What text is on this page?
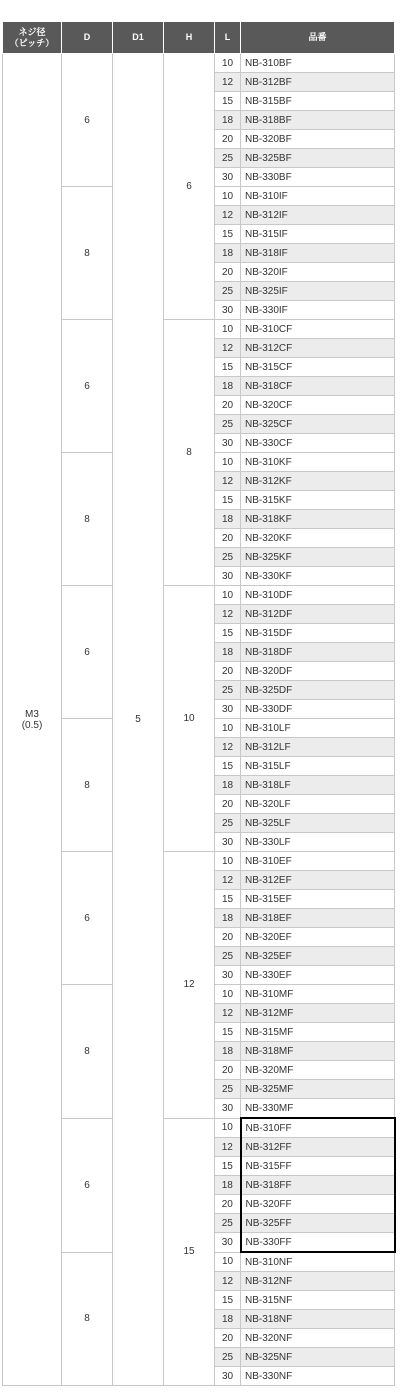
ネジ径
（ピッチ）	D	D1	H	L	品番
M3
(0.5)	6	5	6	10	NB-310BF
				12	NB-312BF
				15	NB-315BF
				18	NB-318BF
				20	NB-320BF
				25	NB-325BF
				30	NB-330BF
	8			10	NB-310IF
				12	NB-312IF
				15	NB-315IF
				18	NB-318IF
				20	NB-320IF
				25	NB-325IF
				30	NB-330IF
	6		8	10	NB-310CF
				12	NB-312CF
				15	NB-315CF
				18	NB-318CF
				20	NB-320CF
				25	NB-325CF
				30	NB-330CF
	8			10	NB-310KF
				12	NB-312KF
				15	NB-315KF
				18	NB-318KF
				20	NB-320KF
				25	NB-325KF
				30	NB-330KF
	6		10	10	NB-310DF
				12	NB-312DF
				15	NB-315DF
				18	NB-318DF
				20	NB-320DF
				25	NB-325DF
				30	NB-330DF
	8			10	NB-310LF
				12	NB-312LF
				15	NB-315LF
				18	NB-318LF
				20	NB-320LF
				25	NB-325LF
				30	NB-330LF
	6		12	10	NB-310EF
				12	NB-312EF
				15	NB-315EF
				18	NB-318EF
				20	NB-320EF
				25	NB-325EF
				30	NB-330EF
	8			10	NB-310MF
				12	NB-312MF
				15	NB-315MF
				18	NB-318MF
				20	NB-320MF
				25	NB-325MF
				30	NB-330MF
	6		15	10	NB-310FF
				12	NB-312FF
				15	NB-315FF
				18	NB-318FF
				20	NB-320FF
				25	NB-325FF
				30	NB-330FF
	8			10	NB-310NF
				12	NB-312NF
				15	NB-315NF
				18	NB-318NF
				20	NB-320NF
				25	NB-325NF
				30	NB-330NF
